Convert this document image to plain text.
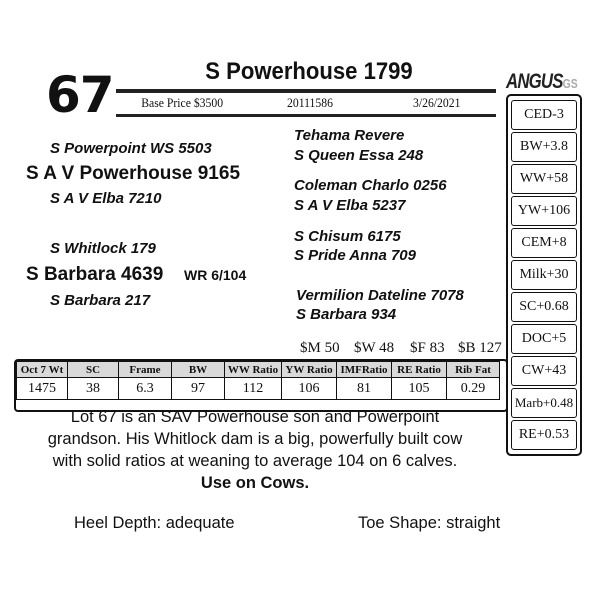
67	S Powerhouse 1799
Base Price $3500	20111586	3/26/2021
S Powerpoint WS 5503
S A V Powerhouse 9165
S A V Elba 7210
S Whitlock 179
S Barbara 4639 WR 6/104
S Barbara 217
Tehama Revere
S Queen Essa 248
Coleman Charlo 0256
S A V Elba 5237
S Chisum 6175
S Pride Anna 709
Vermilion Dateline 7078
S Barbara 934
$M 50 $W 48 $F 83 $B 127
Oct 7 Wt	SC	Frame	BW	WW Ratio	YW Ratio	IMFRatio	RE Ratio	Rib Fat
1475	38	6.3	97	112	106	81	105	0.29
ANGUSGS
CED-3
BW+3.8
WW+58
YW+106
CEM+8
Milk+30
SC+0.68
DOC+5
CW+43
Marb+0.48
RE+0.53
Lot 67 is an SAV Powerhouse son and Powerpoint
grandson. His Whitlock dam is a big, powerfully built cow
with solid ratios at weaning to average 104 on 6 calves.
Use on Cows.
Heel Depth: adequate	Toe Shape: straight
